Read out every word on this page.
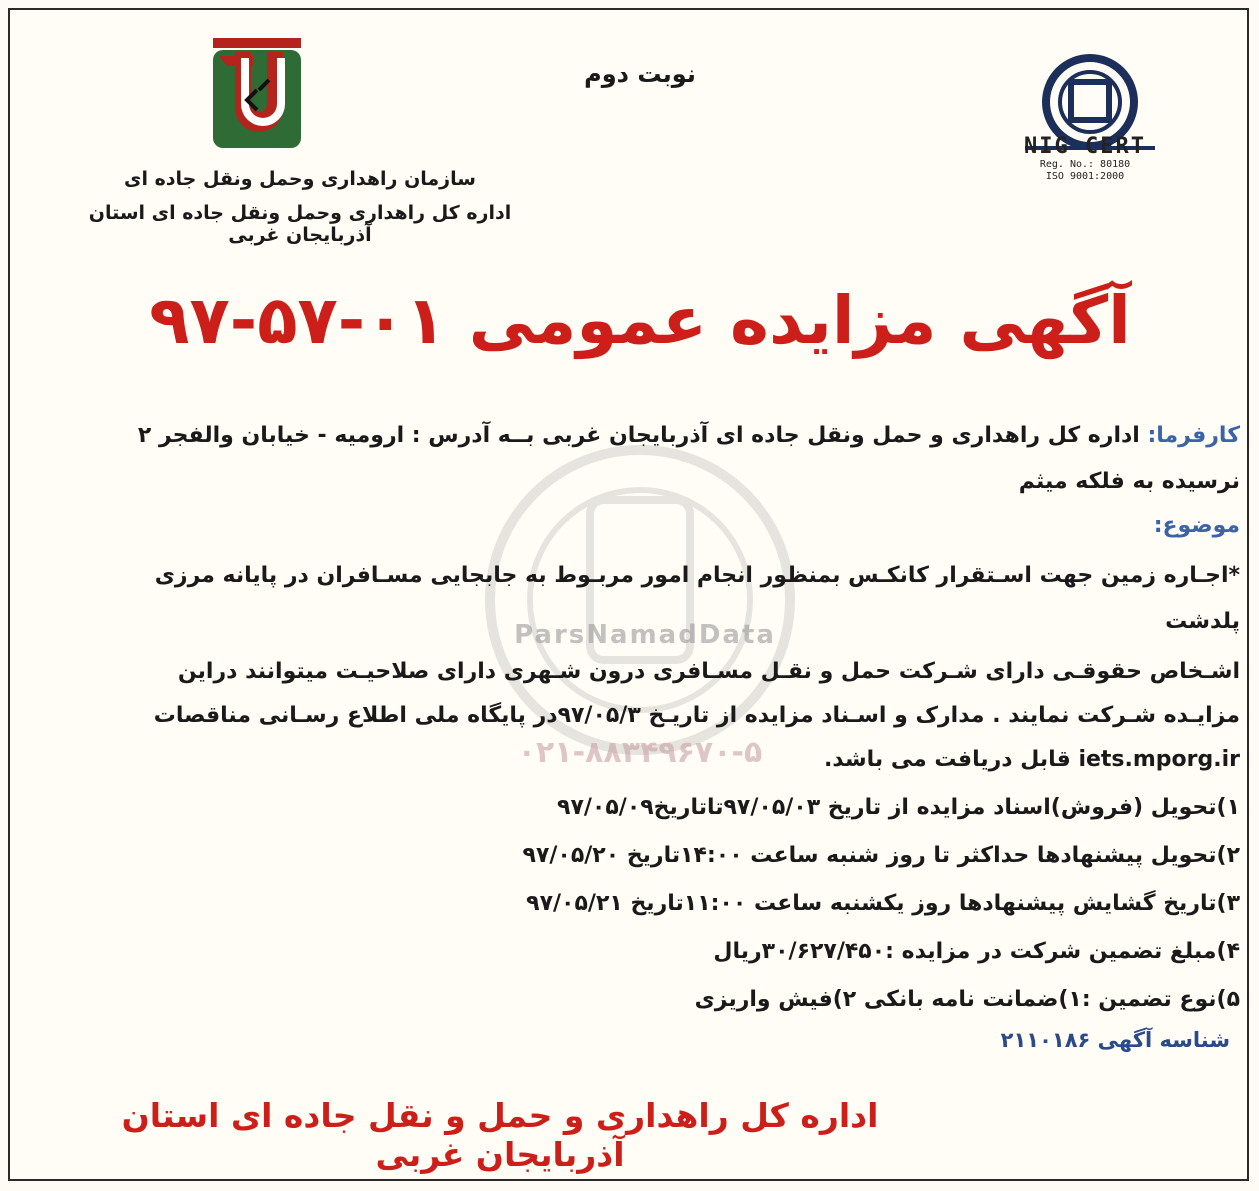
نوبت دوم
سازمان راهداری وحمل ونقل جاده ای
اداره کل راهداری وحمل ونقل جاده ای استان آذربایجان غربی
NIG CERT
Reg. No.: 80180
ISO 9001:2000
آگهی مزایده عمومی ۰۱-۵۷-۹۷
ParsNamadData
۰۲۱-۸۸۳۴۹۶۷۰-۵
کارفرما: اداره کل راهداری و حمل ونقل جاده ای آذربایجان غربی بــه آدرس : ارومیه - خیابان والفجر ۲
نرسیده به فلکه میثم
موضوع:
*اجـاره زمین جهت اسـتقرار کانکـس بمنظور انجام امور مربـوط به جابجایی مسـافران در پایانه مرزی
پلدشت
اشـخاص حقوقـی دارای شـرکت حمل و نقـل مسـافری درون شـهری دارای صلاحیـت میتوانند دراین
مزایـده شـرکت نمایند . مدارک و اسـناد مزایده از تاریـخ ۹۷/۰۵/۳در پایگاه ملی اطلاع رسـانی مناقصات
iets.mporg.ir قابل دریافت می باشد.
۱)تحویل (فروش)اسناد مزایده از تاریخ ۹۷/۰۵/۰۳تاتاریخ۹۷/۰۵/۰۹
۲)تحویل پیشنهادها حداکثر تا روز شنبه ساعت ۱۴:۰۰تاریخ ۹۷/۰۵/۲۰
۳)تاریخ گشایش پیشنهادها روز یکشنبه ساعت ۱۱:۰۰تاریخ ۹۷/۰۵/۲۱
۴)مبلغ تضمین شرکت در مزایده :۳۰/۶۲۷/۴۵۰ریال
۵)نوع تضمین :۱)ضمانت نامه بانکی ۲)فیش واریزی
شناسه آگهی ۲۱۱۰۱۸۶
اداره کل راهداری و حمل و نقل جاده ای استان آذربایجان غربی
